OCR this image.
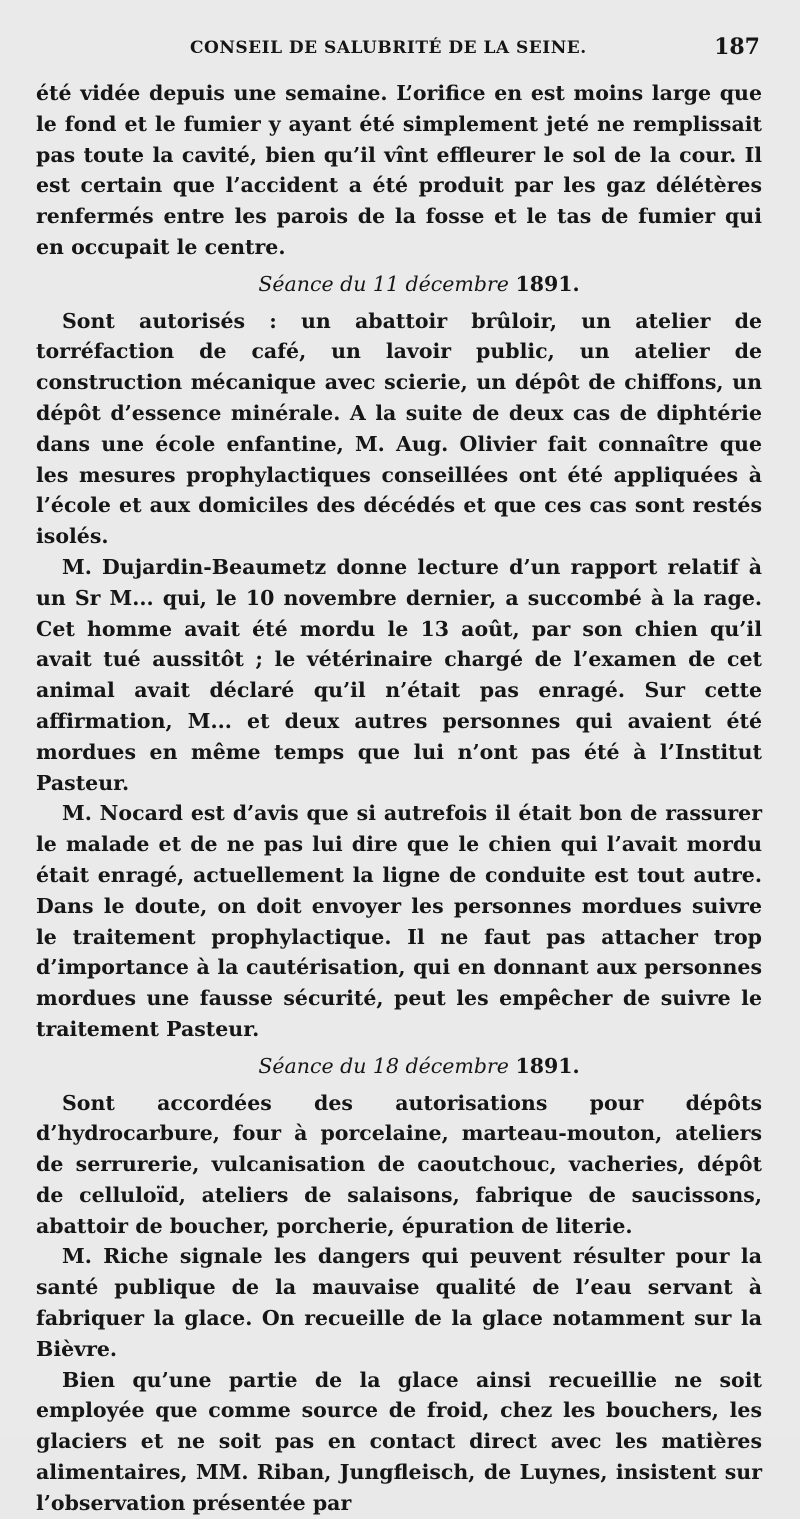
CONSEIL DE SALUBRITÉ DE LA SEINE.	187

été vidée depuis une semaine. L’orifice en est moins large que le fond et le fumier y ayant été simplement jeté ne remplissait pas toute la cavité, bien qu’il vînt effleurer le sol de la cour. Il est certain que l’accident a été produit par les gaz délétères renfermés entre les parois de la fosse et le tas de fumier qui en occupait le centre.

Séance du 11 décembre 1891.

Sont autorisés : un abattoir brûloir, un atelier de torréfaction de café, un lavoir public, un atelier de construction mécanique avec scierie, un dépôt de chiffons, un dépôt d’essence minérale. A la suite de deux cas de diphtérie dans une école enfantine, M. Aug. Olivier fait connaître que les mesures prophylactiques conseillées ont été appliquées à l’école et aux domiciles des décédés et que ces cas sont restés isolés.

M. Dujardin-Beaumetz donne lecture d’un rapport relatif à un Sr M... qui, le 10 novembre dernier, a succombé à la rage. Cet homme avait été mordu le 13 août, par son chien qu’il avait tué aussitôt ; le vétérinaire chargé de l’examen de cet animal avait déclaré qu’il n’était pas enragé. Sur cette affirmation, M... et deux autres personnes qui avaient été mordues en même temps que lui n’ont pas été à l’Institut Pasteur.

M. Nocard est d’avis que si autrefois il était bon de rassurer le malade et de ne pas lui dire que le chien qui l’avait mordu était enragé, actuellement la ligne de conduite est tout autre. Dans le doute, on doit envoyer les personnes mordues suivre le traitement prophylactique. Il ne faut pas attacher trop d’importance à la cautérisation, qui en donnant aux personnes mordues une fausse sécurité, peut les empêcher de suivre le traitement Pasteur.

Séance du 18 décembre 1891.

Sont accordées des autorisations pour dépôts d’hydrocarbure, four à porcelaine, marteau-mouton, ateliers de serrurerie, vulcanisation de caoutchouc, vacheries, dépôt de celluloïd, ateliers de salaisons, fabrique de saucissons, abattoir de boucher, porcherie, épuration de literie.

M. Riche signale les dangers qui peuvent résulter pour la santé publique de la mauvaise qualité de l’eau servant à fabriquer la glace. On recueille de la glace notamment sur la Bièvre.

Bien qu’une partie de la glace ainsi recueillie ne soit employée que comme source de froid, chez les bouchers, les glaciers et ne soit pas en contact direct avec les matières alimentaires, MM. Riban, Jungfleisch, de Luynes, insistent sur l’observation présentée par
